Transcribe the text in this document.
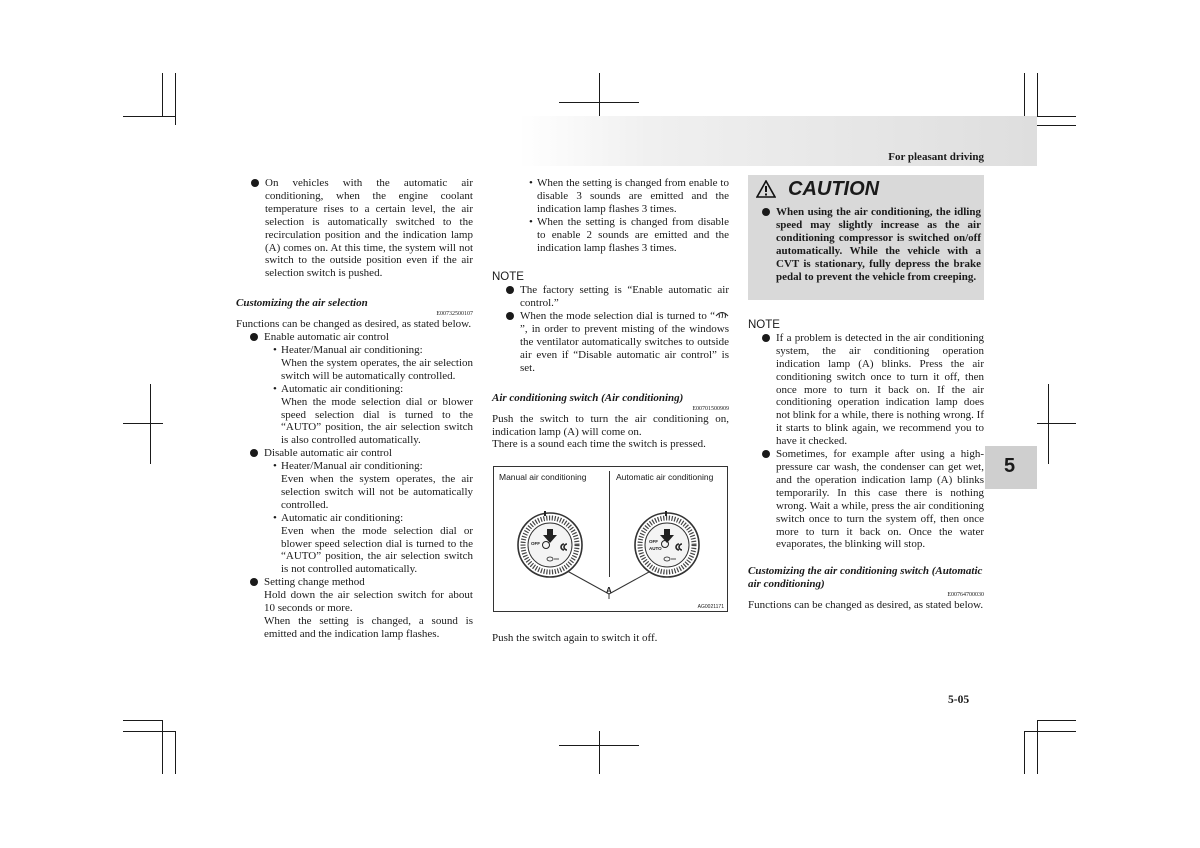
For pleasant driving
On vehicles with the automatic air conditioning, when the engine coolant temperature rises to a certain level, the air selection is automatically switched to the recirculation position and the indication lamp (A) comes on. At this time, the system will not switch to the outside position even if the air selection switch is pushed.
Customizing the air selection
E00732500107
Functions can be changed as desired, as stated below.
Enable automatic air control
• Heater/Manual air conditioning:
When the system operates, the air selection switch will be automatically controlled.
• Automatic air conditioning:
When the mode selection dial or blower speed selection dial is turned to the “AUTO” position, the air selection switch is also controlled automatically.
Disable automatic air control
• Heater/Manual air conditioning:
Even when the system operates, the air selection switch will not be automatically controlled.
• Automatic air conditioning:
Even when the mode selection dial or blower speed selection dial is turned to the “AUTO” position, the air selection switch is not controlled automatically.
Setting change method
Hold down the air selection switch for about 10 seconds or more.
When the setting is changed, a sound is emitted and the indication lamp flashes.
• When the setting is changed from enable to disable 3 sounds are emitted and the indication lamp flashes 3 times.
• When the setting is changed from disable to enable 2 sounds are emitted and the indication lamp flashes 3 times.
NOTE
The factory setting is “Enable automatic air control.”
When the mode selection dial is turned to “”, in order to prevent misting of the windows the ventilator automatically switches to outside air even if “Disable automatic air control” is set.
Air conditioning switch (Air conditioning)
E00701500909
Push the switch to turn the air conditioning on, indication lamp (A) will come on.
There is a sound each time the switch is pressed.
Manual air conditioning	Automatic air conditioning
OFF	OFF
AUTO
A
AG0021171
Push the switch again to switch it off.
CAUTION
When using the air conditioning, the idling speed may slightly increase as the air conditioning compressor is switched on/off automatically. While the vehicle with a CVT is stationary, fully depress the brake pedal to prevent the vehicle from creeping.
NOTE
If a problem is detected in the air conditioning system, the air conditioning operation indication lamp (A) blinks. Press the air conditioning switch once to turn it off, then once more to turn it back on. If the air conditioning operation indication lamp does not blink for a while, there is nothing wrong. If it starts to blink again, we recommend you to have it checked.
Sometimes, for example after using a high-pressure car wash, the condenser can get wet, and the operation indication lamp (A) blinks temporarily. In this case there is nothing wrong. Wait a while, press the air conditioning switch once to turn the system off, then once more to turn it back on. Once the water evaporates, the blinking will stop.
Customizing the air conditioning switch (Automatic air conditioning)
E00764700030
Functions can be changed as desired, as stated below.
5
5-05
